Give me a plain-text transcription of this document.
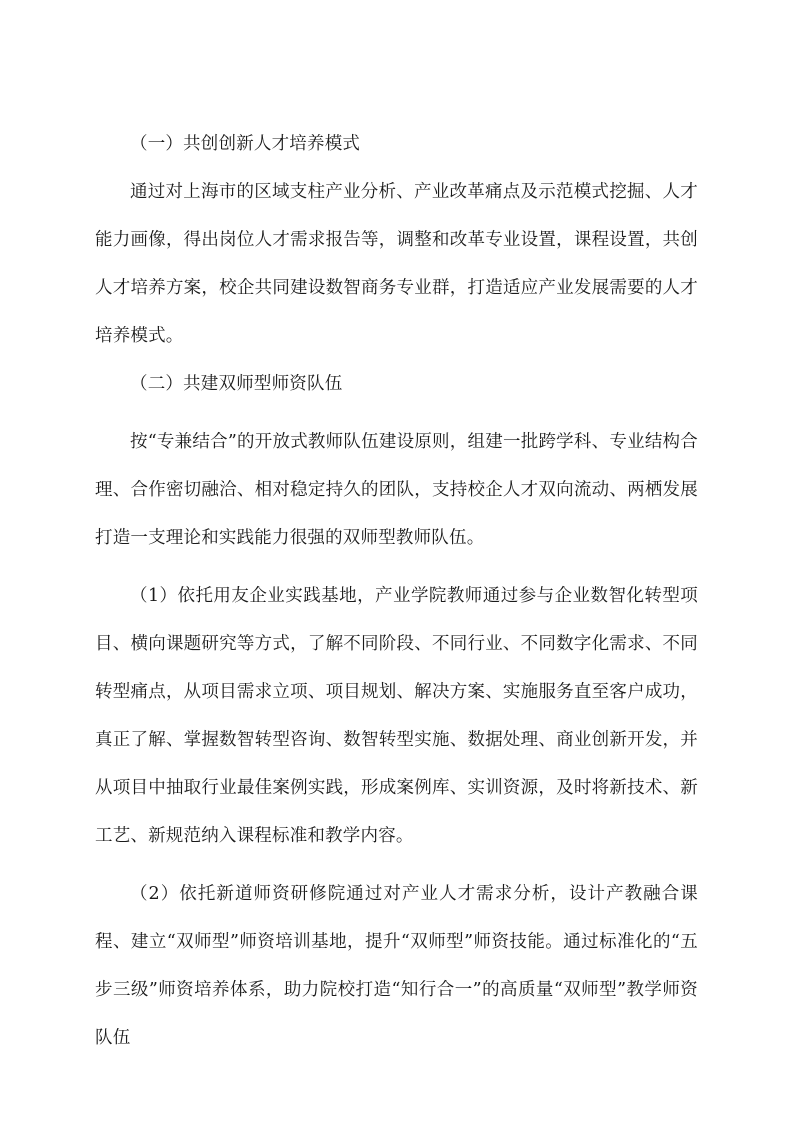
（一）共创创新人才培养模式

通过对上海市的区域支柱产业分析、产业改革痛点及示范模式挖掘、人才能力画像，得出岗位人才需求报告等，调整和改革专业设置，课程设置，共创人才培养方案，校企共同建设数智商务专业群，打造适应产业发展需要的人才培养模式。

（二）共建双师型师资队伍

按“专兼结合”的开放式教师队伍建设原则，组建一批跨学科、专业结构合理、合作密切融洽、相对稳定持久的团队，支持校企人才双向流动、两栖发展打造一支理论和实践能力很强的双师型教师队伍。

（1）依托用友企业实践基地，产业学院教师通过参与企业数智化转型项目、横向课题研究等方式，了解不同阶段、不同行业、不同数字化需求、不同转型痛点，从项目需求立项、项目规划、解决方案、实施服务直至客户成功，真正了解、掌握数智转型咨询、数智转型实施、数据处理、商业创新开发，并从项目中抽取行业最佳案例实践，形成案例库、实训资源，及时将新技术、新工艺、新规范纳入课程标准和教学内容。

（2）依托新道师资研修院通过对产业人才需求分析，设计产教融合课程、建立“双师型”师资培训基地，提升“双师型”师资技能。通过标准化的“五步三级”师资培养体系，助力院校打造“知行合一”的高质量“双师型”教学师资队伍
